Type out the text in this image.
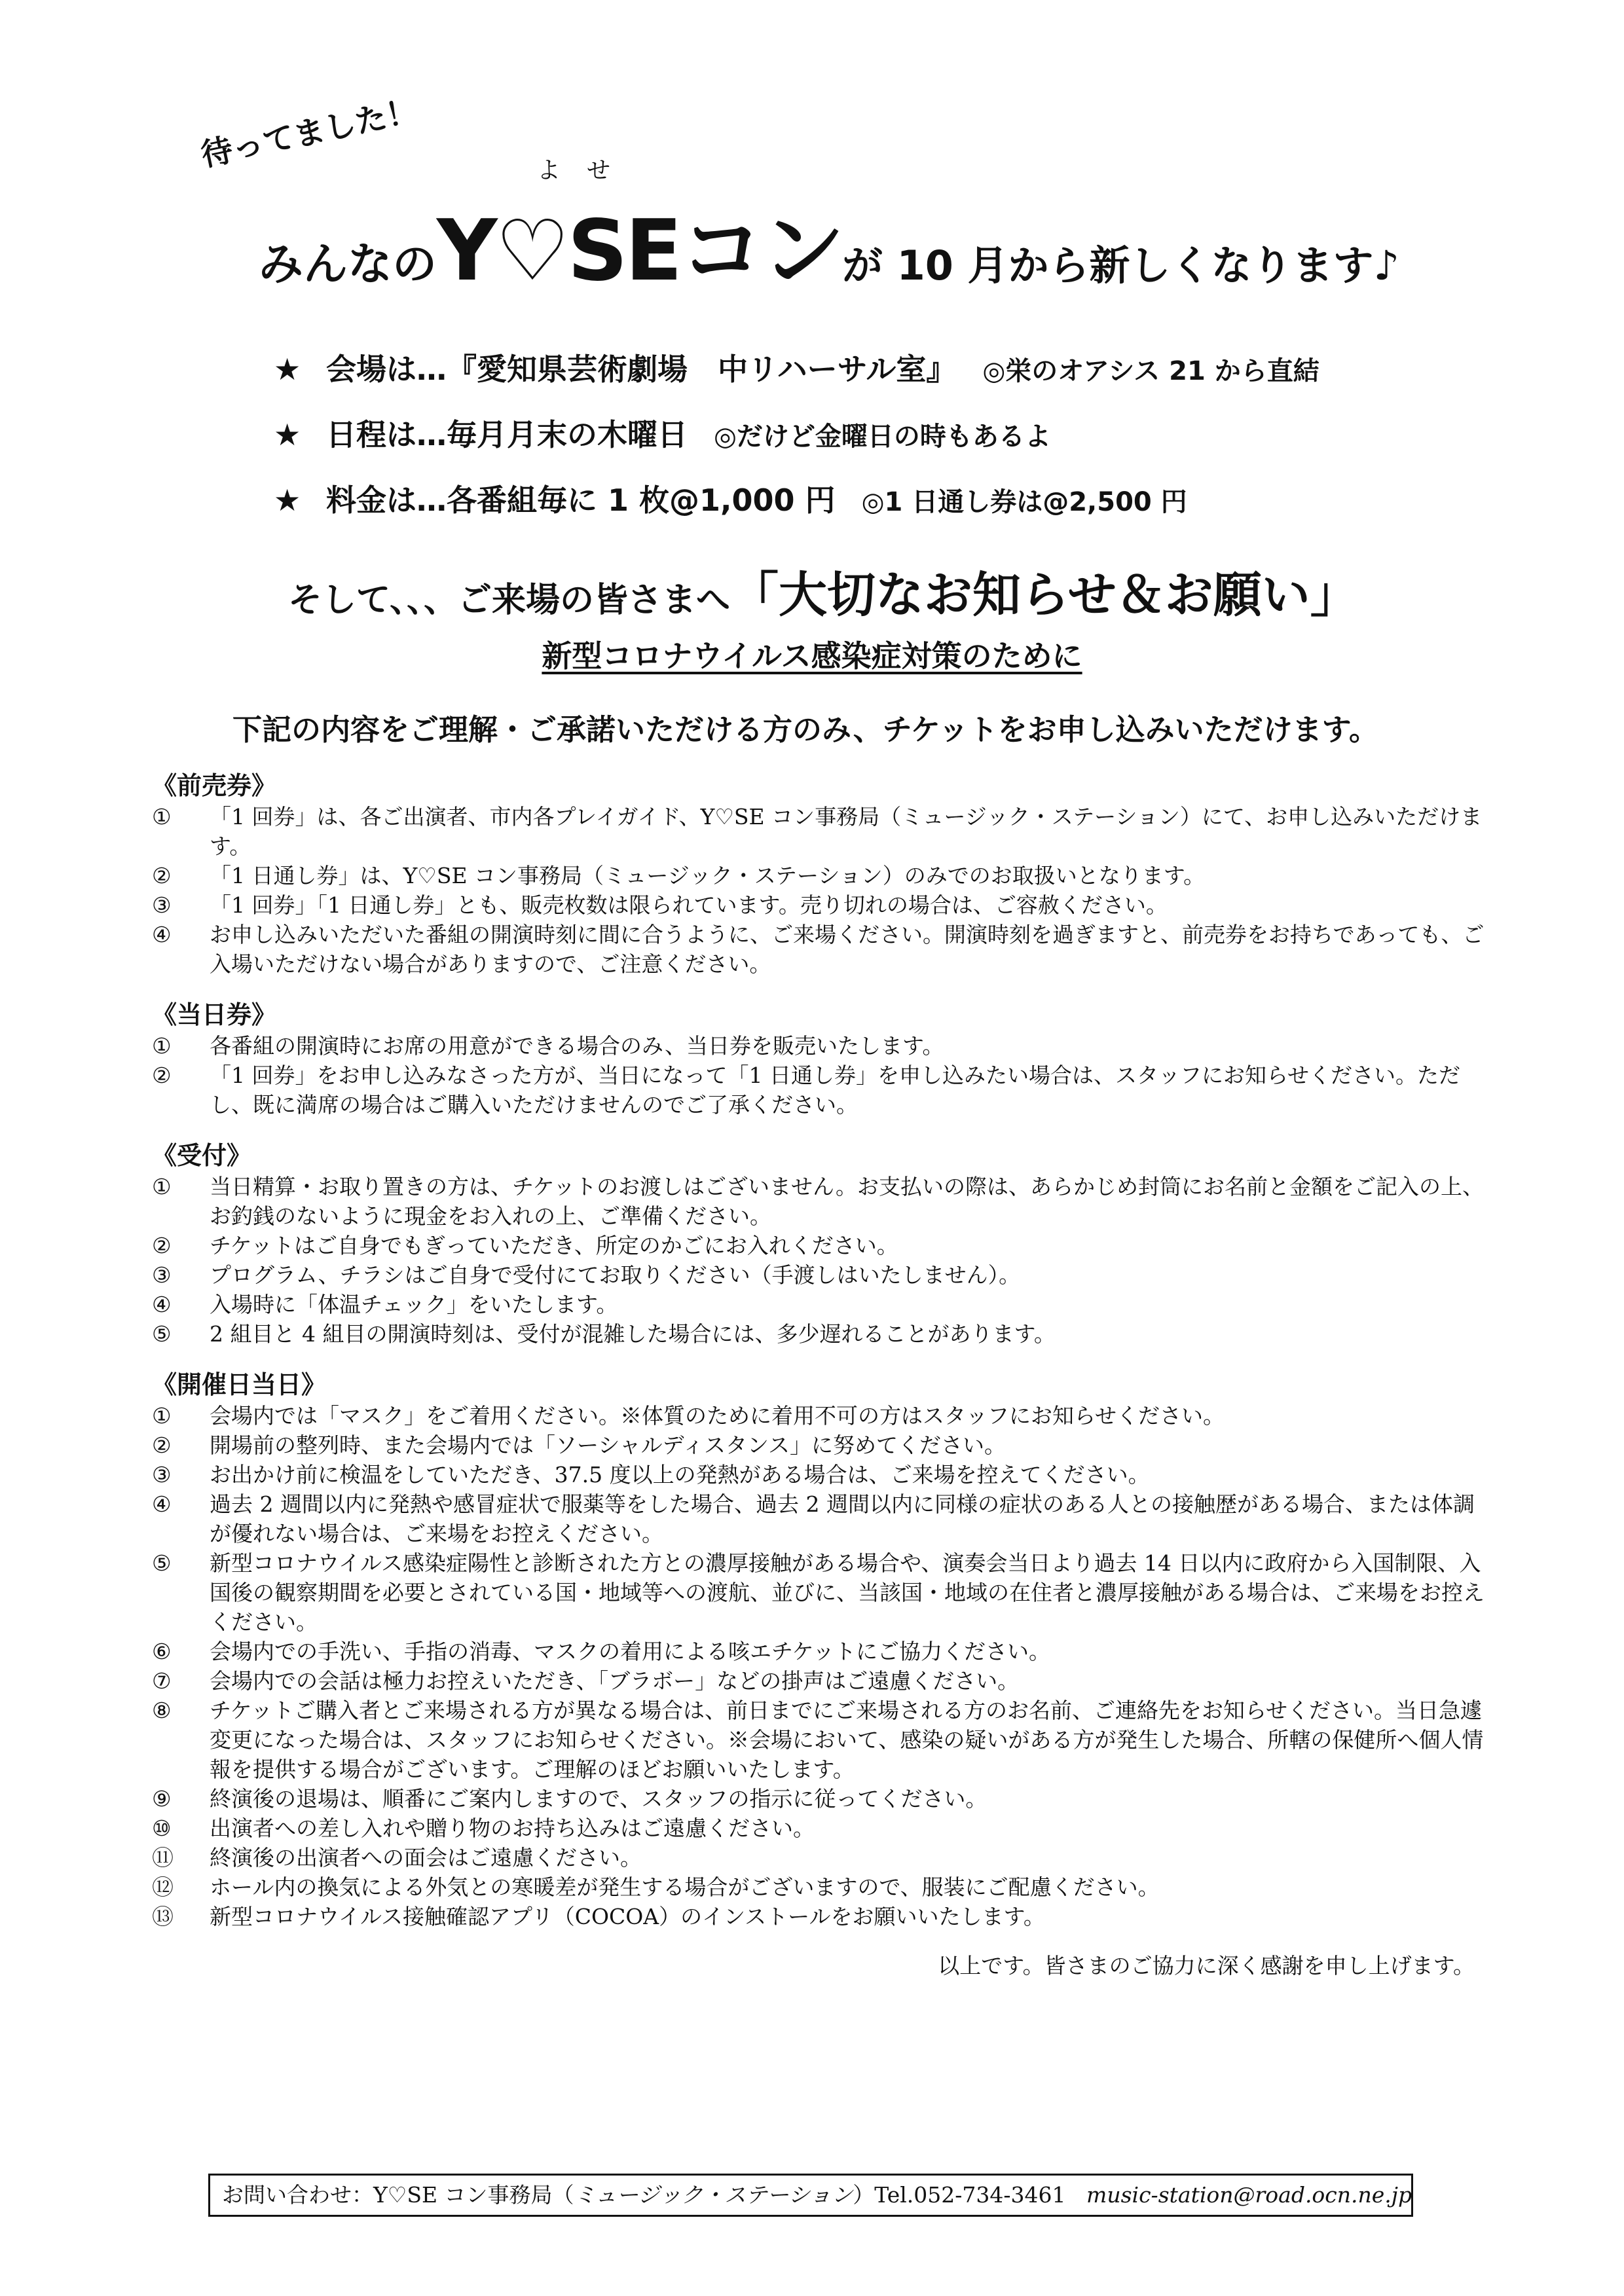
待ってました！	よせ
みんなのY♡SEコンが 10 月から新しくなります♪
★ 会場は…『愛知県芸術劇場　中リハーサル室』 ◎栄のオアシス 21 から直結
★ 日程は…毎月月末の木曜日 ◎だけど金曜日の時もあるよ
★ 料金は…各番組毎に 1 枚@1,000 円 ◎1 日通し券は@2,500 円
そして、、、ご来場の皆さまへ「大切なお知らせ＆お願い」
新型コロナウイルス感染症対策のために
下記の内容をご理解・ご承諾いただける方のみ、チケットをお申し込みいただけます。
《前売券》
①	「1 回券」は、各ご出演者、市内各プレイガイド、Y♡SE コン事務局（ミュージック・ステーション）にて、お申し込みいただけます。
②	「1 日通し券」は、Y♡SE コン事務局（ミュージック・ステーション）のみでのお取扱いとなります。
③	「1 回券」「1 日通し券」とも、販売枚数は限られています。売り切れの場合は、ご容赦ください。
④	お申し込みいただいた番組の開演時刻に間に合うように、ご来場ください。開演時刻を過ぎますと、前売券をお持ちであっても、ご入場いただけない場合がありますので、ご注意ください。
《当日券》
①	各番組の開演時にお席の用意ができる場合のみ、当日券を販売いたします。
②	「1 回券」をお申し込みなさった方が、当日になって「1 日通し券」を申し込みたい場合は、スタッフにお知らせください。ただし、既に満席の場合はご購入いただけませんのでご了承ください。
《受付》
①	当日精算・お取り置きの方は、チケットのお渡しはございません。お支払いの際は、あらかじめ封筒にお名前と金額をご記入の上、お釣銭のないように現金をお入れの上、ご準備ください。
②	チケットはご自身でもぎっていただき、所定のかごにお入れください。
③	プログラム、チラシはご自身で受付にてお取りください（手渡しはいたしません）。
④	入場時に「体温チェック」をいたします。
⑤	2 組目と 4 組目の開演時刻は、受付が混雑した場合には、多少遅れることがあります。
《開催日当日》
①	会場内では「マスク」をご着用ください。※体質のために着用不可の方はスタッフにお知らせください。
②	開場前の整列時、また会場内では「ソーシャルディスタンス」に努めてください。
③	お出かけ前に検温をしていただき、37.5 度以上の発熱がある場合は、ご来場を控えてください。
④	過去 2 週間以内に発熱や感冒症状で服薬等をした場合、過去 2 週間以内に同様の症状のある人との接触歴がある場合、または体調が優れない場合は、ご来場をお控えください。
⑤	新型コロナウイルス感染症陽性と診断された方との濃厚接触がある場合や、演奏会当日より過去 14 日以内に政府から入国制限、入国後の観察期間を必要とされている国・地域等への渡航、並びに、当該国・地域の在住者と濃厚接触がある場合は、ご来場をお控えください。
⑥	会場内での手洗い、手指の消毒、マスクの着用による咳エチケットにご協力ください。
⑦	会場内での会話は極力お控えいただき、「ブラボー」などの掛声はご遠慮ください。
⑧	チケットご購入者とご来場される方が異なる場合は、前日までにご来場される方のお名前、ご連絡先をお知らせください。当日急遽変更になった場合は、スタッフにお知らせください。※会場において、感染の疑いがある方が発生した場合、所轄の保健所へ個人情報を提供する場合がございます。ご理解のほどお願いいたします。
⑨	終演後の退場は、順番にご案内しますので、スタッフの指示に従ってください。
⑩	出演者への差し入れや贈り物のお持ち込みはご遠慮ください。
⑪	終演後の出演者への面会はご遠慮ください。
⑫	ホール内の換気による外気との寒暖差が発生する場合がございますので、服装にご配慮ください。
⑬	新型コロナウイルス接触確認アプリ（COCOA）のインストールをお願いいたします。
以上です。皆さまのご協力に深く感謝を申し上げます。
お問い合わせ：Y♡SE コン事務局（ミュージック・ステーション）Tel.052-734-3461 music-station@road.ocn.ne.jp
